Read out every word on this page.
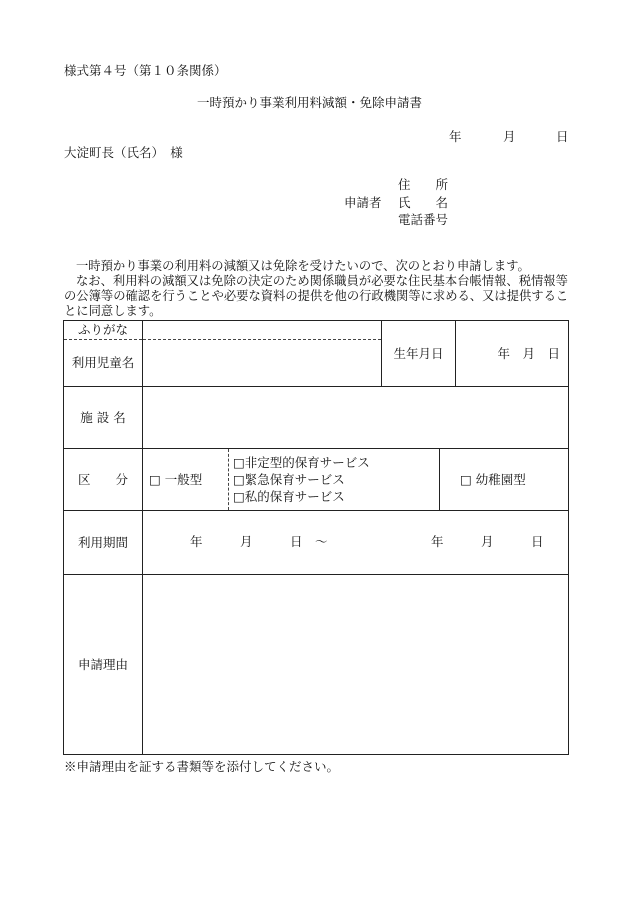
様式第４号（第１０条関係）
一時預かり事業利用料減額・免除申請書
年	月	日
大淀町長（氏名）　様
住　　所
申請者 氏　　名
電話番号

一時預かり事業の利用料の減額又は免除を受けたいので、次のとおり申請します。

なお、利用料の減額又は免除の決定のため関係職員が必要な住民基本台帳情報、税情報等の公簿等の確認を行うことや必要な資料の提供を他の行政機関等に求める、又は提供することに同意します。

ふりがな
利用児童名			生年月日		年　月　日

施 設 名					
区　　分	□ 一般型	□非定型的保育サービス
□緊急保育サービス
□私的保育サービス		□ 幼稚園型	
利用期間	年　　　月　　　日　～ 年　　　月　　　日				

申請理由					
※申請理由を証する書類等を添付してください。
